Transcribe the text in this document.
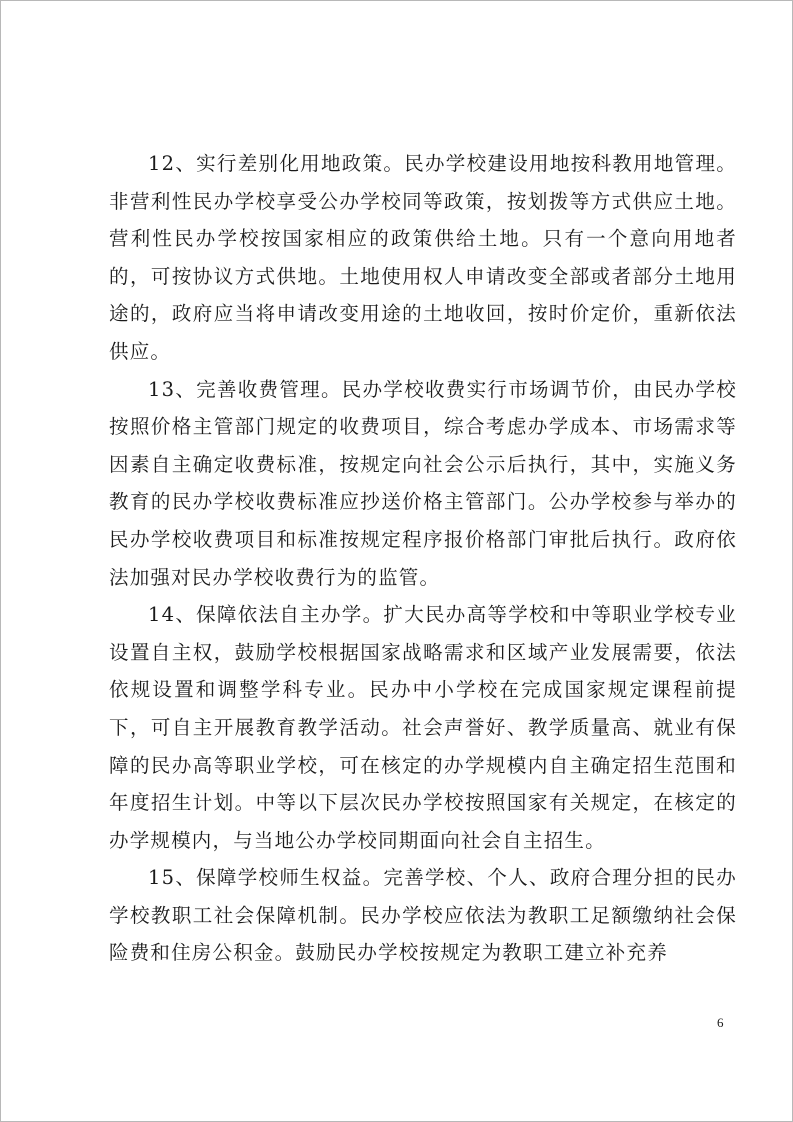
12、实行差别化用地政策。民办学校建设用地按科教用地管理。非营利性民办学校享受公办学校同等政策，按划拨等方式供应土地。营利性民办学校按国家相应的政策供给土地。只有一个意向用地者的，可按协议方式供地。土地使用权人申请改变全部或者部分土地用途的，政府应当将申请改变用途的土地收回，按时价定价，重新依法供应。

13、完善收费管理。民办学校收费实行市场调节价，由民办学校按照价格主管部门规定的收费项目，综合考虑办学成本、市场需求等因素自主确定收费标准，按规定向社会公示后执行，其中，实施义务教育的民办学校收费标准应抄送价格主管部门。公办学校参与举办的民办学校收费项目和标准按规定程序报价格部门审批后执行。政府依法加强对民办学校收费行为的监管。

14、保障依法自主办学。扩大民办高等学校和中等职业学校专业设置自主权，鼓励学校根据国家战略需求和区域产业发展需要，依法依规设置和调整学科专业。民办中小学校在完成国家规定课程前提下，可自主开展教育教学活动。社会声誉好、教学质量高、就业有保障的民办高等职业学校，可在核定的办学规模内自主确定招生范围和年度招生计划。中等以下层次民办学校按照国家有关规定，在核定的办学规模内，与当地公办学校同期面向社会自主招生。

15、保障学校师生权益。完善学校、个人、政府合理分担的民办学校教职工社会保障机制。民办学校应依法为教职工足额缴纳社会保险费和住房公积金。鼓励民办学校按规定为教职工建立补充养

6
